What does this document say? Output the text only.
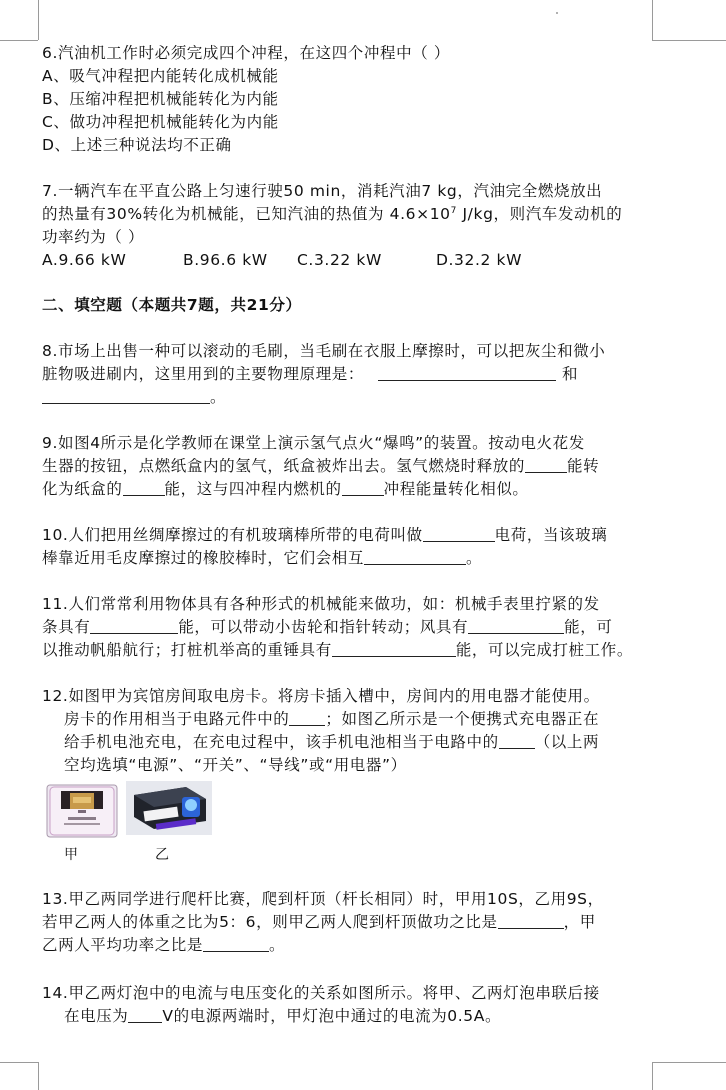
6.汽油机工作时必须完成四个冲程，在这四个冲程中（ ）
A、吸气冲程把内能转化成机械能
B、压缩冲程把机械能转化为内能
C、做功冲程把机械能转化为内能
D、上述三种说法均不正确
7.一辆汽车在平直公路上匀速行驶50 min，消耗汽油7 kg，汽油完全燃烧放出
的热量有30%转化为机械能，已知汽油的热值为 $4.6\times 10^7$ J/kg，则汽车发动机的
功率约为（ ）
A.9.66 kW	B.96.6 kW C.3.22 kW	D.32.2 kW
二、填空题（本题共7题，共21分）
8.市场上出售一种可以滚动的毛刷，当毛刷在衣服上摩擦时，可以把灰尘和微小
脏物吸进刷内，这里用到的主要物理原理是：	和
。
9.如图4所示是化学教师在课堂上演示氢气点火“爆鸣”的装置。按动电火花发
生器的按钮，点燃纸盒内的氢气，纸盒被炸出去。氢气燃烧时释放的	能转
化为纸盒的	能，这与四冲程内燃机的	冲程能量转化相似。
10.人们把用丝绸摩擦过的有机玻璃棒所带的电荷叫做	电荷，当该玻璃
棒靠近用毛皮摩擦过的橡胶棒时，它们会相互	。
11.人们常常利用物体具有各种形式的机械能来做功，如：机械手表里拧紧的发
条具有	能，可以带动小齿轮和指针转动；风具有	能，可
以推动帆船航行；打桩机举高的重锤具有	能，可以完成打桩工作。
12.如图甲为宾馆房间取电房卡。将房卡插入槽中，房间内的用电器才能使用。
房卡的作用相当于电路元件中的 ；如图乙所示是一个便携式充电器正在
给手机电池充电，在充电过程中，该手机电池相当于电路中的 （以上两
空均选填“电源”、“开关”、“导线”或“用电器”）
甲	乙
13.甲乙两同学进行爬杆比赛，爬到杆顶（杆长相同）时，甲用10S，乙用9S，
若甲乙两人的体重之比为5：6，则甲乙两人爬到杆顶做功之比是	，甲
乙两人平均功率之比是	。
14.甲乙两灯泡中的电流与电压变化的关系如图所示。将甲、乙两灯泡串联后接
在电压为 V的电源两端时，甲灯泡中通过的电流为0.5A。
